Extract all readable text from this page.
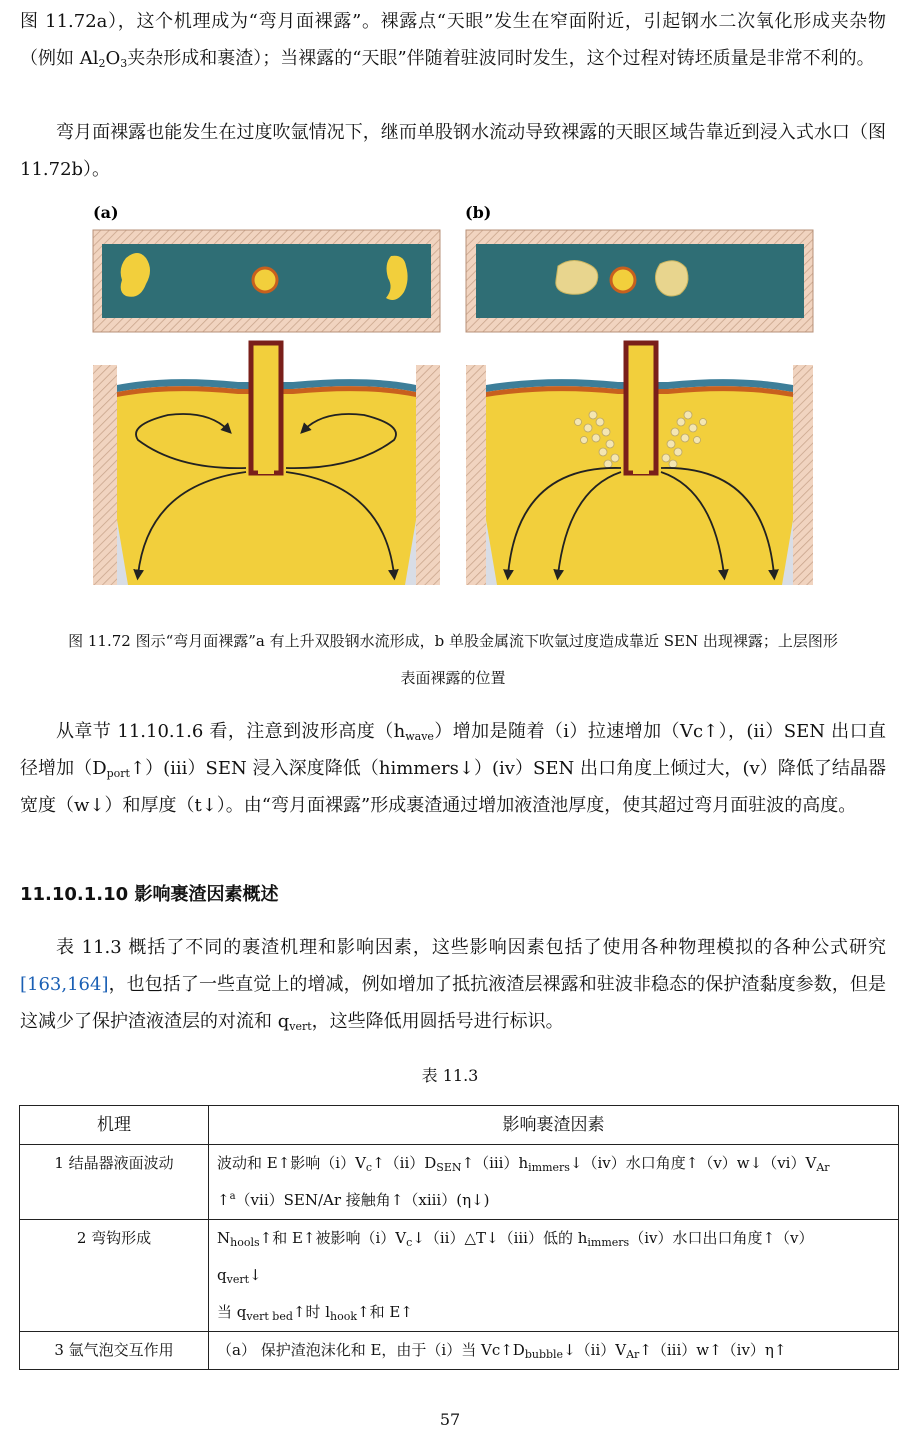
图 11.72a），这个机理成为“弯月面裸露”。裸露点“天眼”发生在窄面附近，引起钢水二次氧化形成夹杂物（例如 $Al_2O_3$夹杂形成和裹渣）；当裸露的“天眼”伴随着驻波同时发生，这个过程对铸坯质量是非常不利的。

弯月面裸露也能发生在过度吹氩情况下，继而单股钢水流动导致裸露的天眼区域告靠近到浸入式水口（图 11.72b）。

(a)	(b)

图 11.72 图示“弯月面裸露”a 有上升双股钢水流形成，b 单股金属流下吹氩过度造成靠近 SEN 出现裸露；上层图形

表面裸露的位置

从章节 11.10.1.6 看，注意到波形高度$(h_{wave})$增加是随着（i）拉速增加（Vc↑），(ii）SEN 出口直径增加$(D_{port}↑)(iii)SEN$ 浸入深度降低（himmers↓）(iv）SEN 出口角度上倾过大，(v）降低了结晶器宽度（w↓）和厚度（t↓）。由“弯月面裸露”形成裹渣通过增加液渣池厚度，使其超过弯月面驻波的高度。

11.10.1.10 影响裹渣因素概述

表 11.3 概括了不同的裹渣机理和影响因素，这些影响因素包括了使用各种物理模拟的各种公式研究[163,164]，也包括了一些直觉上的增减，例如增加了抵抗液渣层裸露和驻波非稳态的保护渣黏度参数，但是这减少了保护渣液渣层的对流和 $q_{vert}$，这些降低用圆括号进行标识。

表 11.3

机理	影响裹渣因素
1 结晶器液面波动	波动和 E↑影响$(i)V_c↑(ii)D_{SEN}↑(iii)h_{immers}↓(iv)$水口角度$↑(v)w↓(vi)V_{Ar}$
↑$^a$（vii）SEN/Ar 接触角↑（xiii）(η↓)
2 弯钩形成	$N_{hools}↑$和 E↑被影响$(i)V_c↓(ii)\triangle T↓(iii)$低的 $h_{immers}(iv)$水口出口角度↑（v）
$q_{vert}↓$
当 $q_{vert bed}↑$时 $l_{hook}↑$和 E↑
3 氩气泡交互作用	（a） 保护渣泡沫化和 E，由于（i）当 $Vc↑D_{bubble}↓(ii)V_{Ar}↑(iii)w↑(iv)\eta↑$

57
